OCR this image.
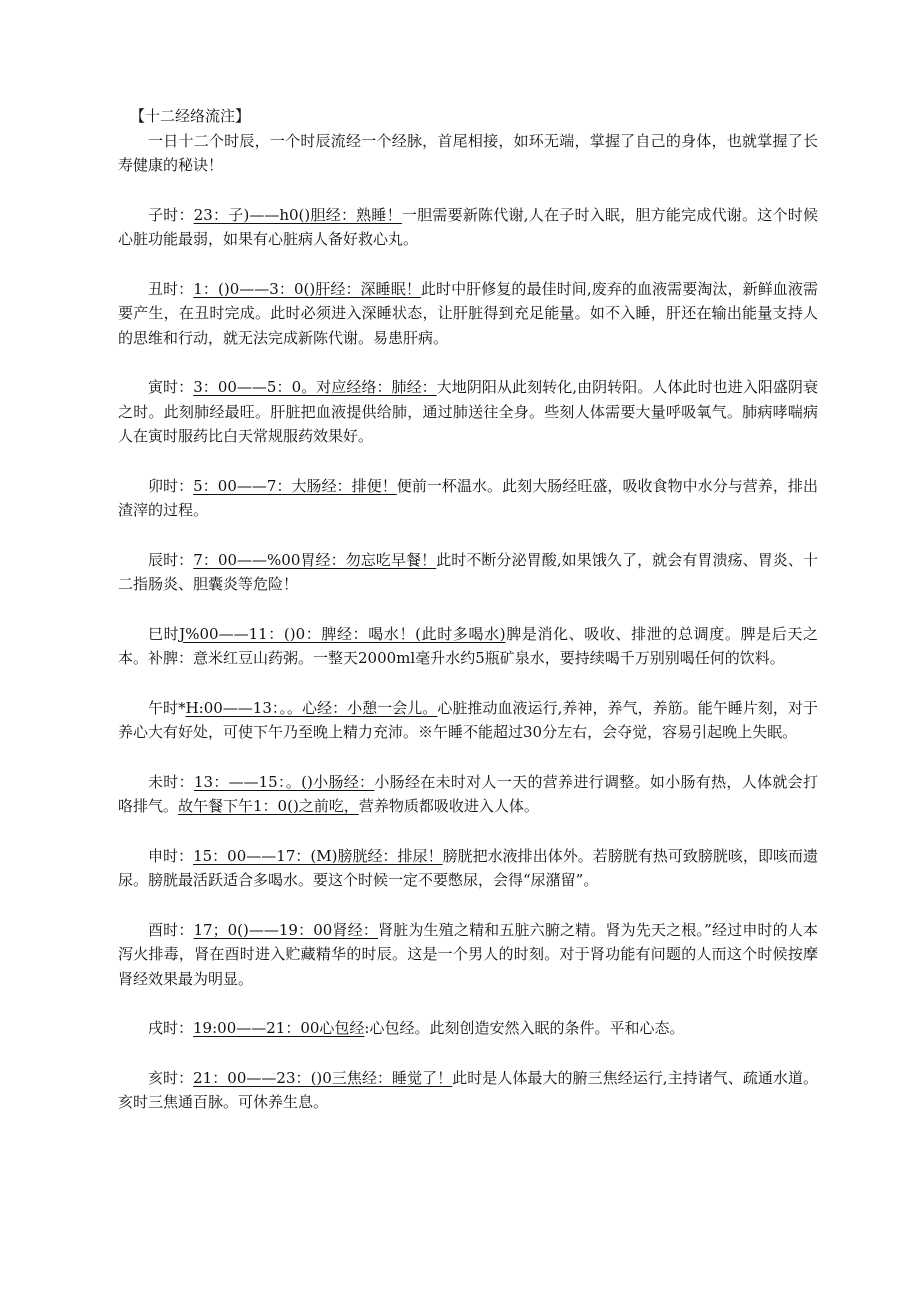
【十二经络流注】

一日十二个时辰，一个时辰流经一个经脉，首尾相接，如环无端，掌握了自己的身体，也就掌握了长寿健康的秘诀！

子时：23：子)——h0()胆经：熟睡！一胆需要新陈代谢,人在子时入眠，胆方能完成代谢。这个时候心脏功能最弱，如果有心脏病人备好救心丸。

丑时：1：()0——3：0()肝经：深睡眠！此时中肝修复的最佳时间,废弃的血液需要淘汰，新鲜血液需要产生，在丑时完成。此时必须进入深睡状态，让肝脏得到充足能量。如不入睡，肝还在输出能量支持人的思维和行动，就无法完成新陈代谢。易患肝病。

寅时：3：00——5：0。对应经络：肺经：大地阴阳从此刻转化,由阴转阳。人体此时也进入阳盛阴衰之时。此刻肺经最旺。肝脏把血液提供给肺，通过肺送往全身。些刻人体需要大量呼吸氧气。肺病哮喘病人在寅时服药比白天常规服药效果好。

卯时：5：00——7：大肠经：排便！便前一杯温水。此刻大肠经旺盛，吸收食物中水分与营养，排出渣滓的过程。

辰时：7：00——%00胃经：勿忘吃早餐！此时不断分泌胃酸,如果饿久了，就会有胃溃疡、胃炎、十二指肠炎、胆囊炎等危险！

巳时J%00——11：()0：脾经：喝水！(此时多喝水)脾是消化、吸收、排泄的总调度。脾是后天之本。补脾：意米红豆山药粥。一整天2000ml毫升水约5瓶矿泉水，要持续喝千万别别喝任何的饮料。

午时*H:00——13：。。心经：小憩一会儿。心脏推动血液运行,养神，养气，养筋。能午睡片刻，对于养心大有好处，可使下午乃至晚上精力充沛。※午睡不能超过30分左右，会夺觉，容易引起晚上失眠。

未时：13：——15：。()小肠经：小肠经在未时对人一天的营养进行调整。如小肠有热，人体就会打咯排气。故午餐下午1：0()之前吃，营养物质都吸收进入人体。

申时：15：00——17：(M)膀胱经：排尿！膀胱把水液排出体外。若膀胱有热可致膀胱咳，即咳而遗尿。膀胱最活跃适合多喝水。要这个时候一定不要憋尿，会得“尿潴留”。

酉时：17；0()——19：00肾经：肾脏为生殖之精和五脏六腑之精。肾为先天之根。”经过申时的人本泻火排毒，肾在酉时进入贮藏精华的时辰。这是一个男人的时刻。对于肾功能有问题的人而这个时候按摩肾经效果最为明显。

戌时：19:00——21：00心包经:心包经。此刻创造安然入眠的条件。平和心态。

亥时：21：00——23：()0三焦经：睡觉了！此时是人体最大的腑三焦经运行,主持诸气、疏通水道。亥时三焦通百脉。可休养生息。
